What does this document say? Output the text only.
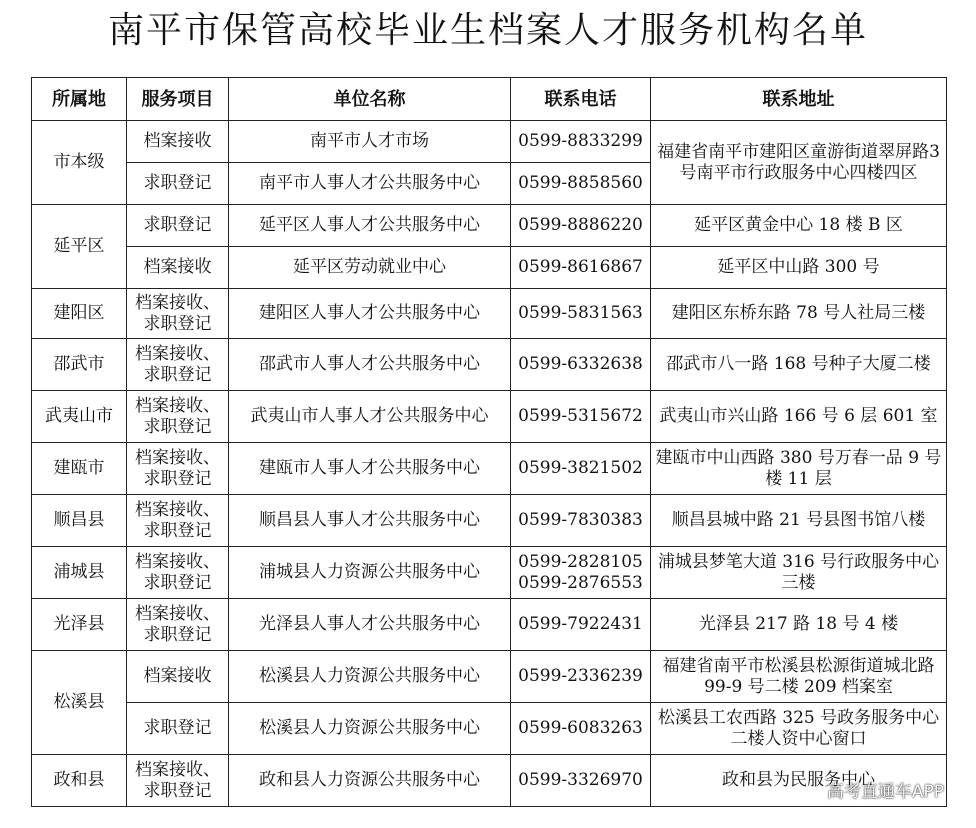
南平市保管高校毕业生档案人才服务机构名单
所属地	服务项目	单位名称	联系电话	联系地址
市本级	档案接收	南平市人才市场	0599-8833299	福建省南平市建阳区童游街道翠屏路3号南平市行政服务中心四楼四区
	求职登记	南平市人事人才公共服务中心	0599-8858560	
延平区	求职登记	延平区人事人才公共服务中心	0599-8886220	延平区黄金中心 18 楼 B 区
	档案接收	延平区劳动就业中心	0599-8616867	延平区中山路 300 号
建阳区	档案接收、求职登记	建阳区人事人才公共服务中心	0599-5831563	建阳区东桥东路 78 号人社局三楼
邵武市	档案接收、求职登记	邵武市人事人才公共服务中心	0599-6332638	邵武市八一路 168 号种子大厦二楼
武夷山市	档案接收、求职登记	武夷山市人事人才公共服务中心	0599-5315672	武夷山市兴山路 166 号 6 层 601 室
建瓯市	档案接收、求职登记	建瓯市人事人才公共服务中心	0599-3821502	建瓯市中山西路 380 号万春一品 9 号楼 11 层
顺昌县	档案接收、求职登记	顺昌县人事人才公共服务中心	0599-7830383	顺昌县城中路 21 号县图书馆八楼
浦城县	档案接收、求职登记	浦城县人力资源公共服务中心	0599-2828105
0599-2876553	浦城县梦笔大道 316 号行政服务中心三楼
光泽县	档案接收、求职登记	光泽县人事人才公共服务中心	0599-7922431	光泽县 217 路 18 号 4 楼
松溪县	档案接收	松溪县人力资源公共服务中心	0599-2336239	福建省南平市松溪县松源街道城北路 99-9 号二楼 209 档案室
	求职登记	松溪县人力资源公共服务中心	0599-6083263	松溪县工农西路 325 号政务服务中心二楼人资中心窗口
政和县	档案接收、求职登记	政和县人力资源公共服务中心	0599-3326970	政和县为民服务中心
高考直通车APP
